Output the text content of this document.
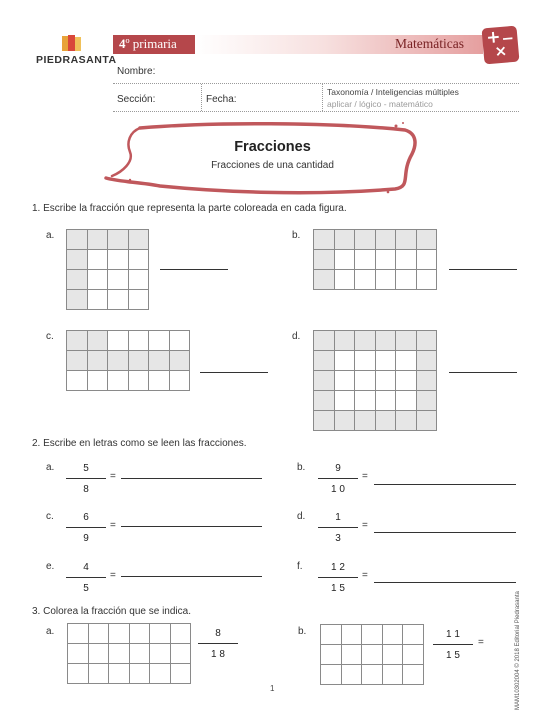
PIEDRASANTA
4º primaria	Matemáticas + −
×
Nombre:
Sección:	Fecha:
Taxonomía / Inteligencias múltiples
aplicar / lógico - matemático
Fracciones
Fracciones de una cantidad
1. Escribe la fracción que representa la parte coloreada en cada figura.
a.

				b.

c.

						d.

2. Escribe en letras como se leen las fracciones.
a.	5
8
=
b.	9
1 0
=
c.	6
9
=
d.	1
3
=
e.	4
5
=
f.	1 2
1 5
=
3. Colorea la fracción que se indica.
a.

						8
1 8
b.

					1 1
1 5
=	MAM10302004 © 2018 Editorial Piedrasanta
1
